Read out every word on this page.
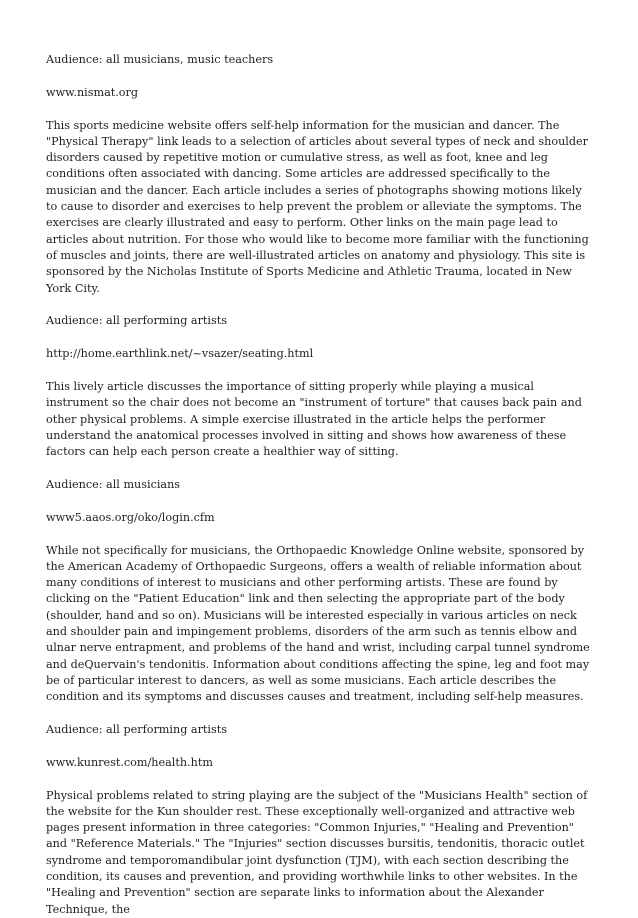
Audience: all musicians, music teachers

www.nismat.org

This sports medicine website offers self-help information for the musician and dancer. The "Physical Therapy" link leads to a selection of articles about several types of neck and shoulder disorders caused by repetitive motion or cumulative stress, as well as foot, knee and leg conditions often associated with dancing. Some articles are addressed specifically to the musician and the dancer. Each article includes a series of photographs showing motions likely to cause to disorder and exercises to help prevent the problem or alleviate the symptoms. The exercises are clearly illustrated and easy to perform. Other links on the main page lead to articles about nutrition. For those who would like to become more familiar with the functioning of muscles and joints, there are well-illustrated articles on anatomy and physiology. This site is sponsored by the Nicholas Institute of Sports Medicine and Athletic Trauma, located in New York City.

Audience: all performing artists

http://home.earthlink.net/~vsazer/seating.html

This lively article discusses the importance of sitting properly while playing a musical instrument so the chair does not become an "instrument of torture" that causes back pain and other physical problems. A simple exercise illustrated in the article helps the performer understand the anatomical processes involved in sitting and shows how awareness of these factors can help each person create a healthier way of sitting.

Audience: all musicians

www5.aaos.org/oko/login.cfm

While not specifically for musicians, the Orthopaedic Knowledge Online website, sponsored by the American Academy of Orthopaedic Surgeons, offers a wealth of reliable information about many conditions of interest to musicians and other performing artists. These are found by clicking on the "Patient Education" link and then selecting the appropriate part of the body (shoulder, hand and so on). Musicians will be interested especially in various articles on neck and shoulder pain and impingement problems, disorders of the arm such as tennis elbow and ulnar nerve entrapment, and problems of the hand and wrist, including carpal tunnel syndrome and deQuervain's tendonitis. Information about conditions affecting the spine, leg and foot may be of particular interest to dancers, as well as some musicians. Each article describes the condition and its symptoms and discusses causes and treatment, including self-help measures.

Audience: all performing artists

www.kunrest.com/health.htm

Physical problems related to string playing are the subject of the "Musicians Health" section of the website for the Kun shoulder rest. These exceptionally well-organized and attractive web pages present information in three categories: "Common Injuries," "Healing and Prevention" and "Reference Materials." The "Injuries" section discusses bursitis, tendonitis, thoracic outlet syndrome and temporomandibular joint dysfunction (TJM), with each section describing the condition, its causes and prevention, and providing worthwhile links to other websites. In the "Healing and Prevention" section are separate links to information about the Alexander Technique, the
